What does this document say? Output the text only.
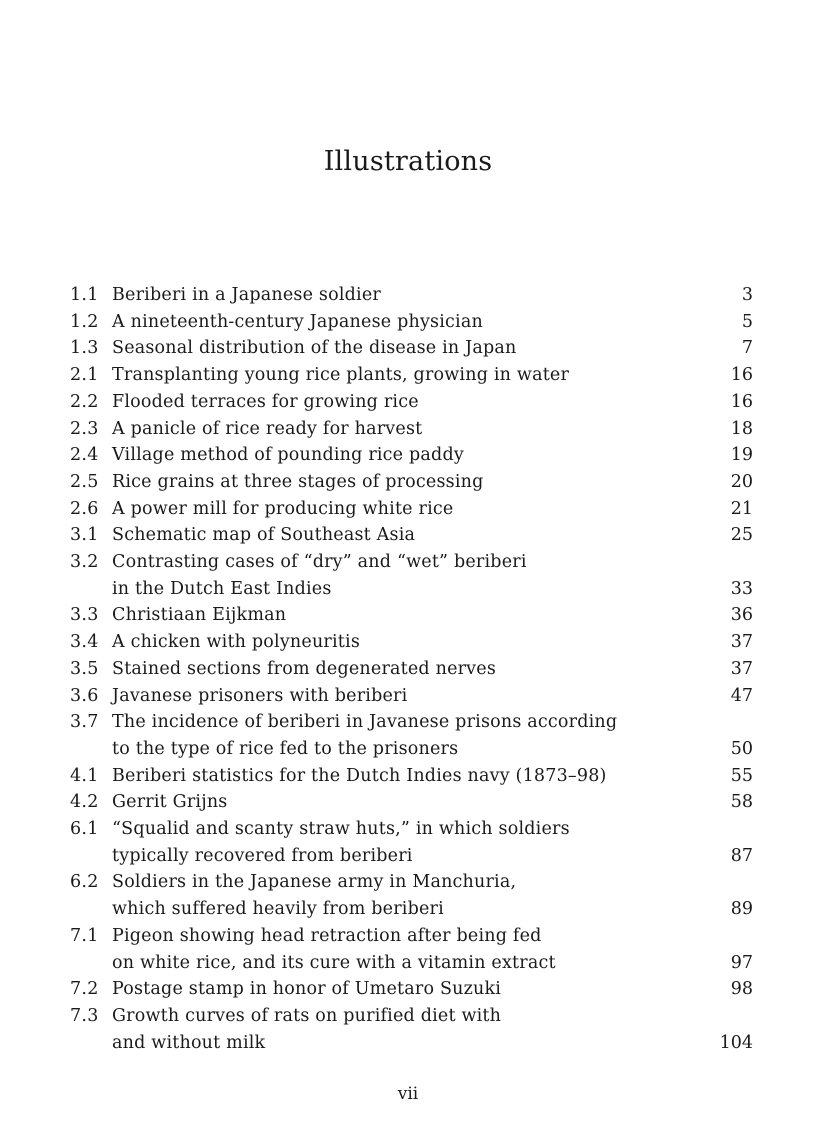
Illustrations
1.1 Beriberi in a Japanese soldier	3
1.2 A nineteenth-century Japanese physician	5
1.3 Seasonal distribution of the disease in Japan	7
2.1 Transplanting young rice plants, growing in water	16
2.2 Flooded terraces for growing rice	16
2.3 A panicle of rice ready for harvest	18
2.4 Village method of pounding rice paddy	19
2.5 Rice grains at three stages of processing	20
2.6 A power mill for producing white rice	21
3.1 Schematic map of Southeast Asia	25
3.2 Contrasting cases of “dry” and “wet” beriberi
in the Dutch East Indies	33
3.3 Christiaan Eijkman	36
3.4 A chicken with polyneuritis	37
3.5 Stained sections from degenerated nerves	37
3.6 Javanese prisoners with beriberi	47
3.7 The incidence of beriberi in Javanese prisons according
to the type of rice fed to the prisoners	50
4.1 Beriberi statistics for the Dutch Indies navy (1873–98)	55
4.2 Gerrit Grijns	58
6.1 “Squalid and scanty straw huts,” in which soldiers
typically recovered from beriberi	87
6.2 Soldiers in the Japanese army in Manchuria,
which suffered heavily from beriberi	89
7.1 Pigeon showing head retraction after being fed
on white rice, and its cure with a vitamin extract	97
7.2 Postage stamp in honor of Umetaro Suzuki	98
7.3 Growth curves of rats on purified diet with
and without milk	104
vii
